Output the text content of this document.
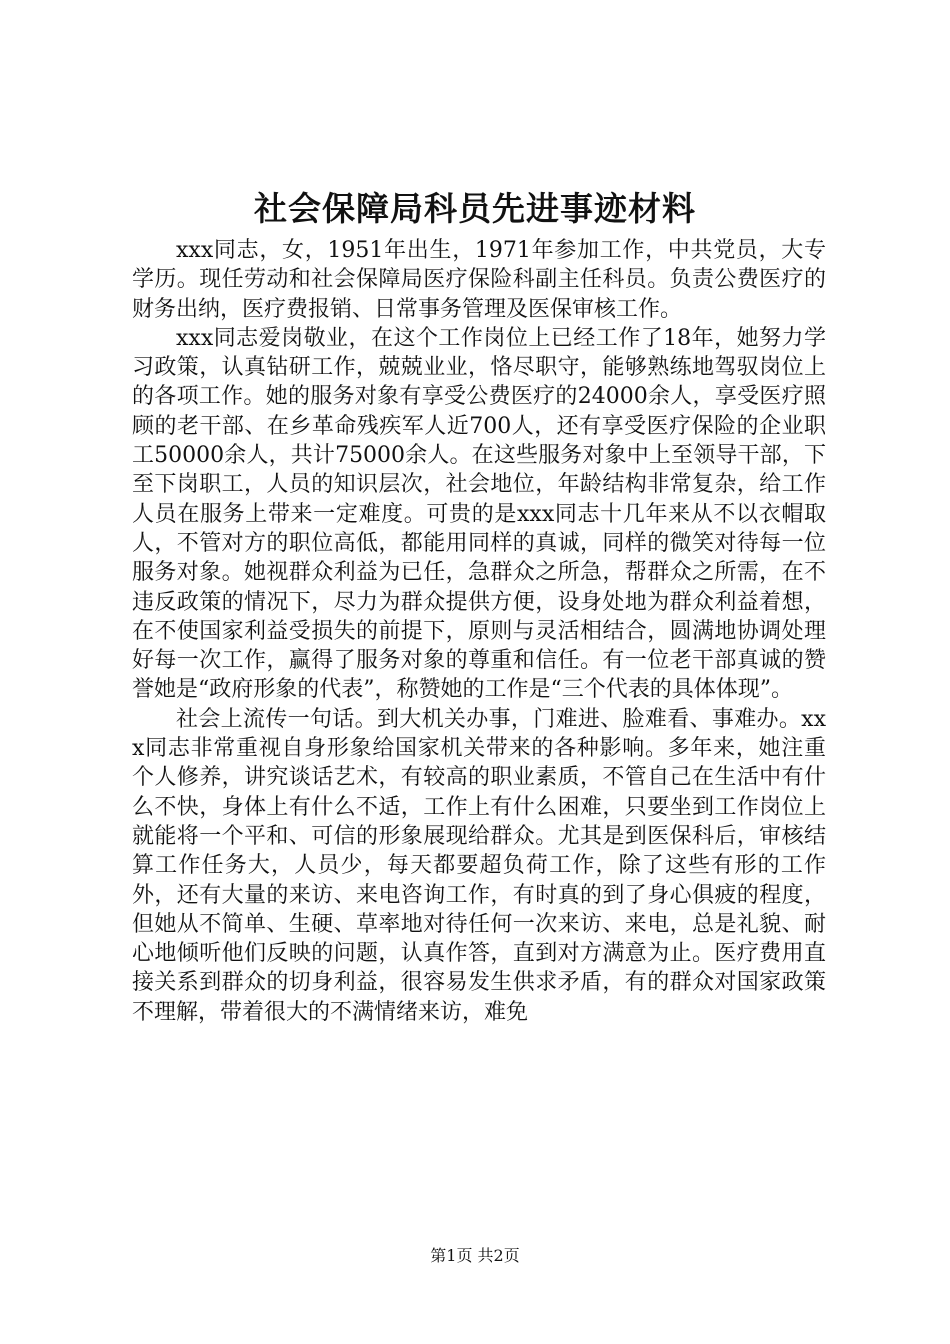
社会保障局科员先进事迹材料

xxx同志，女，1951年出生，1971年参加工作，中共党员，大专学历。现任劳动和社会保障局医疗保险科副主任科员。负责公费医疗的财务出纳，医疗费报销、日常事务管理及医保审核工作。

xxx同志爱岗敬业，在这个工作岗位上已经工作了18年，她努力学习政策，认真钻研工作，兢兢业业，恪尽职守，能够熟练地驾驭岗位上的各项工作。她的服务对象有享受公费医疗的24000余人，享受医疗照顾的老干部、在乡革命残疾军人近700人，还有享受医疗保险的企业职工50000余人，共计75000余人。在这些服务对象中上至领导干部，下至下岗职工，人员的知识层次，社会地位，年龄结构非常复杂，给工作人员在服务上带来一定难度。可贵的是xxx同志十几年来从不以衣帽取人，不管对方的职位高低，都能用同样的真诚，同样的微笑对待每一位服务对象。她视群众利益为已任，急群众之所急，帮群众之所需，在不违反政策的情况下，尽力为群众提供方便，设身处地为群众利益着想，在不使国家利益受损失的前提下，原则与灵活相结合，圆满地协调处理好每一次工作，赢得了服务对象的尊重和信任。有一位老干部真诚的赞誉她是“政府形象的代表”，称赞她的工作是“三个代表的具体体现”。

社会上流传一句话。到大机关办事，门难进、脸难看、事难办。xxx同志非常重视自身形象给国家机关带来的各种影响。多年来，她注重个人修养，讲究谈话艺术，有较高的职业素质，不管自己在生活中有什么不快，身体上有什么不适，工作上有什么困难，只要坐到工作岗位上就能将一个平和、可信的形象展现给群众。尤其是到医保科后，审核结算工作任务大，人员少，每天都要超负荷工作，除了这些有形的工作外，还有大量的来访、来电咨询工作，有时真的到了身心俱疲的程度，但她从不简单、生硬、草率地对待任何一次来访、来电，总是礼貌、耐心地倾听他们反映的问题，认真作答，直到对方满意为止。医疗费用直接关系到群众的切身利益，很容易发生供求矛盾，有的群众对国家政策不理解，带着很大的不满情绪来访，难免

第1页 共2页
